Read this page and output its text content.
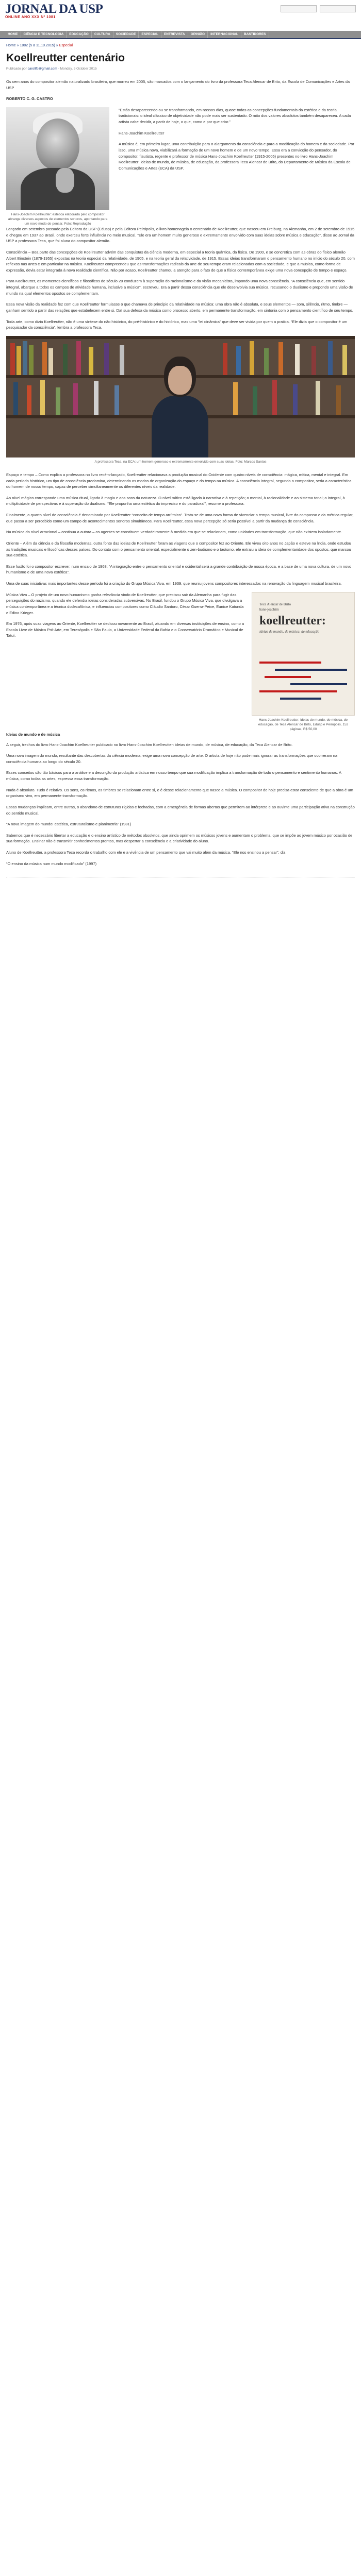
JORNAL DA USP
ONLINE ANO XXX Nº 1081
HOME	CIÊNCIA E TECNOLOGIA	EDUCAÇÃO	CULTURA	SOCIEDADE	ESPECIAL	ENTREVISTA	OPINIÃO	INTERNACIONAL	BASTIDORES
Home » 1082 (5 a 11.10.2015) » Especial
Koellreutter centenário
Publicado por carollfb@gmail.com - Monday, 5 October 2015

Os cem anos do compositor alemão naturalizado brasileiro, que morreu em 2005, são marcados com o lançamento do livro da professora Teca Alencar de Brito, da Escola de Comunicações e Artes da USP

ROBERTO C. G. CASTRO
Hans-Joachim Koellreutter: estética elaborada pelo compositor abrange diversos aspectos de elementos sonoros, apontando para um novo modo de pensar. Foto: Reprodução

“Estão desaparecendo ou se transformando, em nossos dias, quase todas as concepções fundamentais da estética e da teoria tradicionais: o ideal clássico de objetividade não pode mais ser sustentado. O mito dos valores absolutos também desapareceu. A cada artista cabe decidir, a partir de hoje, o que, como e por que criar.”

Hans-Joachim Koellreutter

A música é, em primeiro lugar, uma contribuição para o alargamento da consciência e para a modificação do homem e da sociedade. Por isso, uma música nova, viabilizará a formação de um novo homem e de um novo tempo. Essa era a convicção do pensador, do compositor, flautista, regente e professor de música Hans-Joachim Koellreutter (1915-2005) presentes no livro Hans-Joachim Koellreutter: ideias de mundo, de música, de educação, da professora Teca Alencar de Brito, do Departamento de Música da Escola de Comunicações e Artes (ECA) da USP.

Lançado em setembro passado pela Editora da USP (Edusp) e pela Editora Peirópolis, o livro homenageia o centenário de Koellreutter, que nasceu em Freiburg, na Alemanha, em 2 de setembro de 1915 e chegou em 1937 ao Brasil, onde exerceu forte influência no meio musical. “Ele era um homem muito generoso e extremamente envolvido com suas ideias sobre música e educação”, disse ao Jornal da USP a professora Teca, que foi aluna do compositor alemão.

Consciência – Boa parte das concepções de Koellreutter advém das conquistas da ciência moderna, em especial a teoria quântica, da física. De 1900, e se concretiza com as obras do físico alemão Albert Einstein (1879-1955) expostas na teoria especial da relatividade, de 1905, e na teoria geral da relatividade, de 1915. Essas ideias transformaram o pensamento humano no início do século 20, com reflexos nas artes e em particular na música. Koellreutter compreendeu que as transformações radicais da arte de seu tempo eram relacionadas com a sociedade, e que a música, como forma de expressão, devia estar integrada à nova realidade científica. Não por acaso, Koellreutter chamou a atenção para o fato de que a física contemporânea exige uma nova concepção de tempo e espaço.

Para Koellreutter, os momentos científicos e filosóficos do século 20 conduzem à superação do racionalismo e da visão mecanicista, impondo uma nova consciência. “A consciência que, em sentido integral, abarque a todos os campos de atividade humana, inclusive a música”, escreveu. Era a partir dessa consciência que ele desenvolvia sua música, recusando o dualismo e propondo uma visão de mundo na qual elementos opostos se complementam.

Essa nova visão da realidade fez com que Koellreutter formulasse o que chamava de princípio da relatividade na música: uma obra não é absoluta, e seus elementos — som, silêncio, ritmo, timbre — ganham sentido a partir das relações que estabelecem entre si. Daí sua defesa da música como processo aberto, em permanente transformação, em sintonia com o pensamento científico de seu tempo.

Toda arte, como dizia Koellreutter, não é uma síntese do não histórico, do pré-histórico e do histórico, mas uma “lei dinâmica” que deve ser vivida por quem a pratica. “Ele dizia que o compositor é um pesquisador da consciência”, lembra a professora Teca.

A professora Teca, na ECA: um homem generoso e extremamente envolvido com suas ideias. Foto: Marcos Santos

Espaço e tempo – Como explica a professora no livro recém-lançado, Koellreutter relacionava a produção musical do Ocidente com quatro níveis de consciência: mágica, mítica, mental e integral. Em cada período histórico, um tipo de consciência predomina, determinando os modos de organização do espaço e do tempo na música. A consciência integral, segundo o compositor, seria a característica do homem de nosso tempo, capaz de perceber simultaneamente os diferentes níveis da realidade.

Ao nível mágico corresponde uma música ritual, ligada à magia e aos sons da natureza. O nível mítico está ligado à narrativa e à repetição; o mental, à racionalidade e ao sistema tonal; o integral, à multiplicidade de perspectivas e à superação do dualismo. “Ele propunha uma estética do impreciso e do paradoxal”, resume a professora.

Finalmente, o quarto nível de consciência é denominado por Koellreutter “conceito de tempo arrítmico”. Trata-se de uma nova forma de vivenciar o tempo musical, livre do compasso e da métrica regular, que passa a ser percebido como um campo de acontecimentos sonoros simultâneos. Para Koellreutter, essa nova percepção só seria possível a partir da mudança de consciência.

Na música do nível arracional – continua a autora – os agentes se constituem verdadeiramente à medida em que se relacionam, como unidades em transformação, que não existem isoladamente.

Oriente – Além da ciência e da filosofia modernas, outra fonte das ideias de Koellreutter foram as viagens que o compositor fez ao Oriente. Ele viveu oito anos no Japão e esteve na Índia, onde estudou as tradições musicais e filosóficas desses países. Do contato com o pensamento oriental, especialmente o zen-budismo e o taoísmo, ele extraiu a ideia de complementaridade dos opostos, que marcou sua estética.

Esse fusão foi o compositor escrever, num ensaio de 1968: “A integração entre o pensamento oriental e ocidental será a grande contribuição de nossa época, e a base de uma nova cultura, de um novo humanismo e de uma nova estética”.

Uma de suas iniciativas mais importantes desse período foi a criação do Grupo Música Viva, em 1939, que reuniu jovens compositores interessados na renovação da linguagem musical brasileira.

Música Viva – O projeto de um novo humanismo ganha relevância vindo de Koellreutter, que precisou sair da Alemanha para fugir das perseguições do nazismo, quando ele defendia ideias consideradas subversivas. No Brasil, fundou o Grupo Música Viva, que divulgava a música contemporânea e a técnica dodecafônica, e influenciou compositores como Cláudio Santoro, César Guerra-Peixe, Eunice Katunda e Edino Krieger.

Em 1976, após suas viagens ao Oriente, Koellreutter se dedicou novamente ao Brasil, atuando em diversas instituições de ensino, como a Escola Livre de Música Pró-Arte, em Teresópolis e São Paulo, a Universidade Federal da Bahia e o Conservatório Dramático e Musical de Tatuí.

Teca Alencar de Brito
hans-joachim
koellreutter:
ideias de mundo, de música, de educação
Hans-Joachim Koellreutter: ideias de mundo, de música, de educação, de Teca Alencar de Brito, Edusp e Peirópolis, 152 páginas, R$ 50,00
Ideias de mundo e de música

A seguir, trechos do livro Hans-Joachim Koellreutter publicado no livro Hans-Joachim Koellreutter: ideias de mundo, de música, de educação, da Teca Alencar de Brito.

Uma nova imagem do mundo, resultante das descobertas da ciência moderna, exige uma nova concepção de arte. O artista de hoje não pode mais ignorar as transformações que ocorreram na consciência humana ao longo do século 20.

Esses conceitos são tão básicos para a análise e a descrição da produção artística em nosso tempo que sua modificação implica a transformação de todo o pensamento e sentimento humanos. A música, como todas as artes, expressa essa transformação.

Nada é absoluto. Tudo é relativo. Os sons, os ritmos, os timbres se relacionam entre si, e é desse relacionamento que nasce a música. O compositor de hoje precisa estar consciente de que a obra é um organismo vivo, em permanente transformação.

Essas mudanças implicam, entre outras, o abandono de estruturas rígidas e fechadas, com a emergência de formas abertas que permitem ao intérprete e ao ouvinte uma participação ativa na construção do sentido musical.

“A nova imagem do mundo: estética, estruturalismo e planimetria” (1981)

Sabemos que é necessário libertar a educação e o ensino artístico de métodos obsoletos, que ainda oprimem os músicos jovens e aumentam o problema, que se impõe ao jovem músico por ocasião de sua formação. Ensinar não é transmitir conhecimentos prontos, mas despertar a consciência e a criatividade do aluno.

Aluno de Koellreutter, a professora Teca recorda o trabalho com ele e a vivência de um pensamento que vai muito além da música. “Ele nos ensinou a pensar”, diz.

“O ensino da música num mundo modificado” (1997)
